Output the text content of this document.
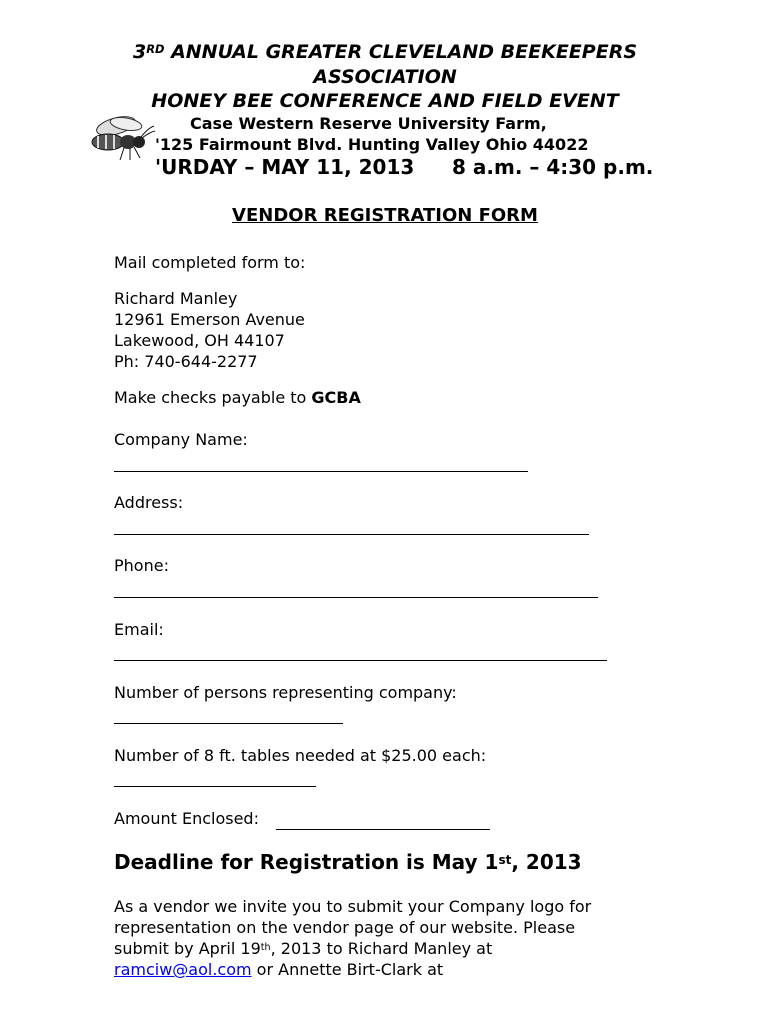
3RD ANNUAL GREATER CLEVELAND BEEKEEPERS
ASSOCIATION
HONEY BEE CONFERENCE AND FIELD EVENT
Case Western Reserve University Farm,
'125 Fairmount Blvd. Hunting Valley Ohio 44022
'URDAY – MAY 11, 2013 8 a.m. – 4:30 p.m.
VENDOR REGISTRATION FORM
Mail completed form to:
Richard Manley
12961 Emerson Avenue
Lakewood, OH 44107
Ph: 740-644-2277
Make checks payable to GCBA
Company Name:
Address:
Phone:
Email:
Number of persons representing company:
Number of 8 ft. tables needed at $25.00 each:
Amount Enclosed:
Deadline for Registration is May 1st, 2013
As a vendor we invite you to submit your Company logo for
representation on the vendor page of our website. Please
submit by April 19th, 2013 to Richard Manley at
ramciw@aol.com or Annette Birt-Clark at
